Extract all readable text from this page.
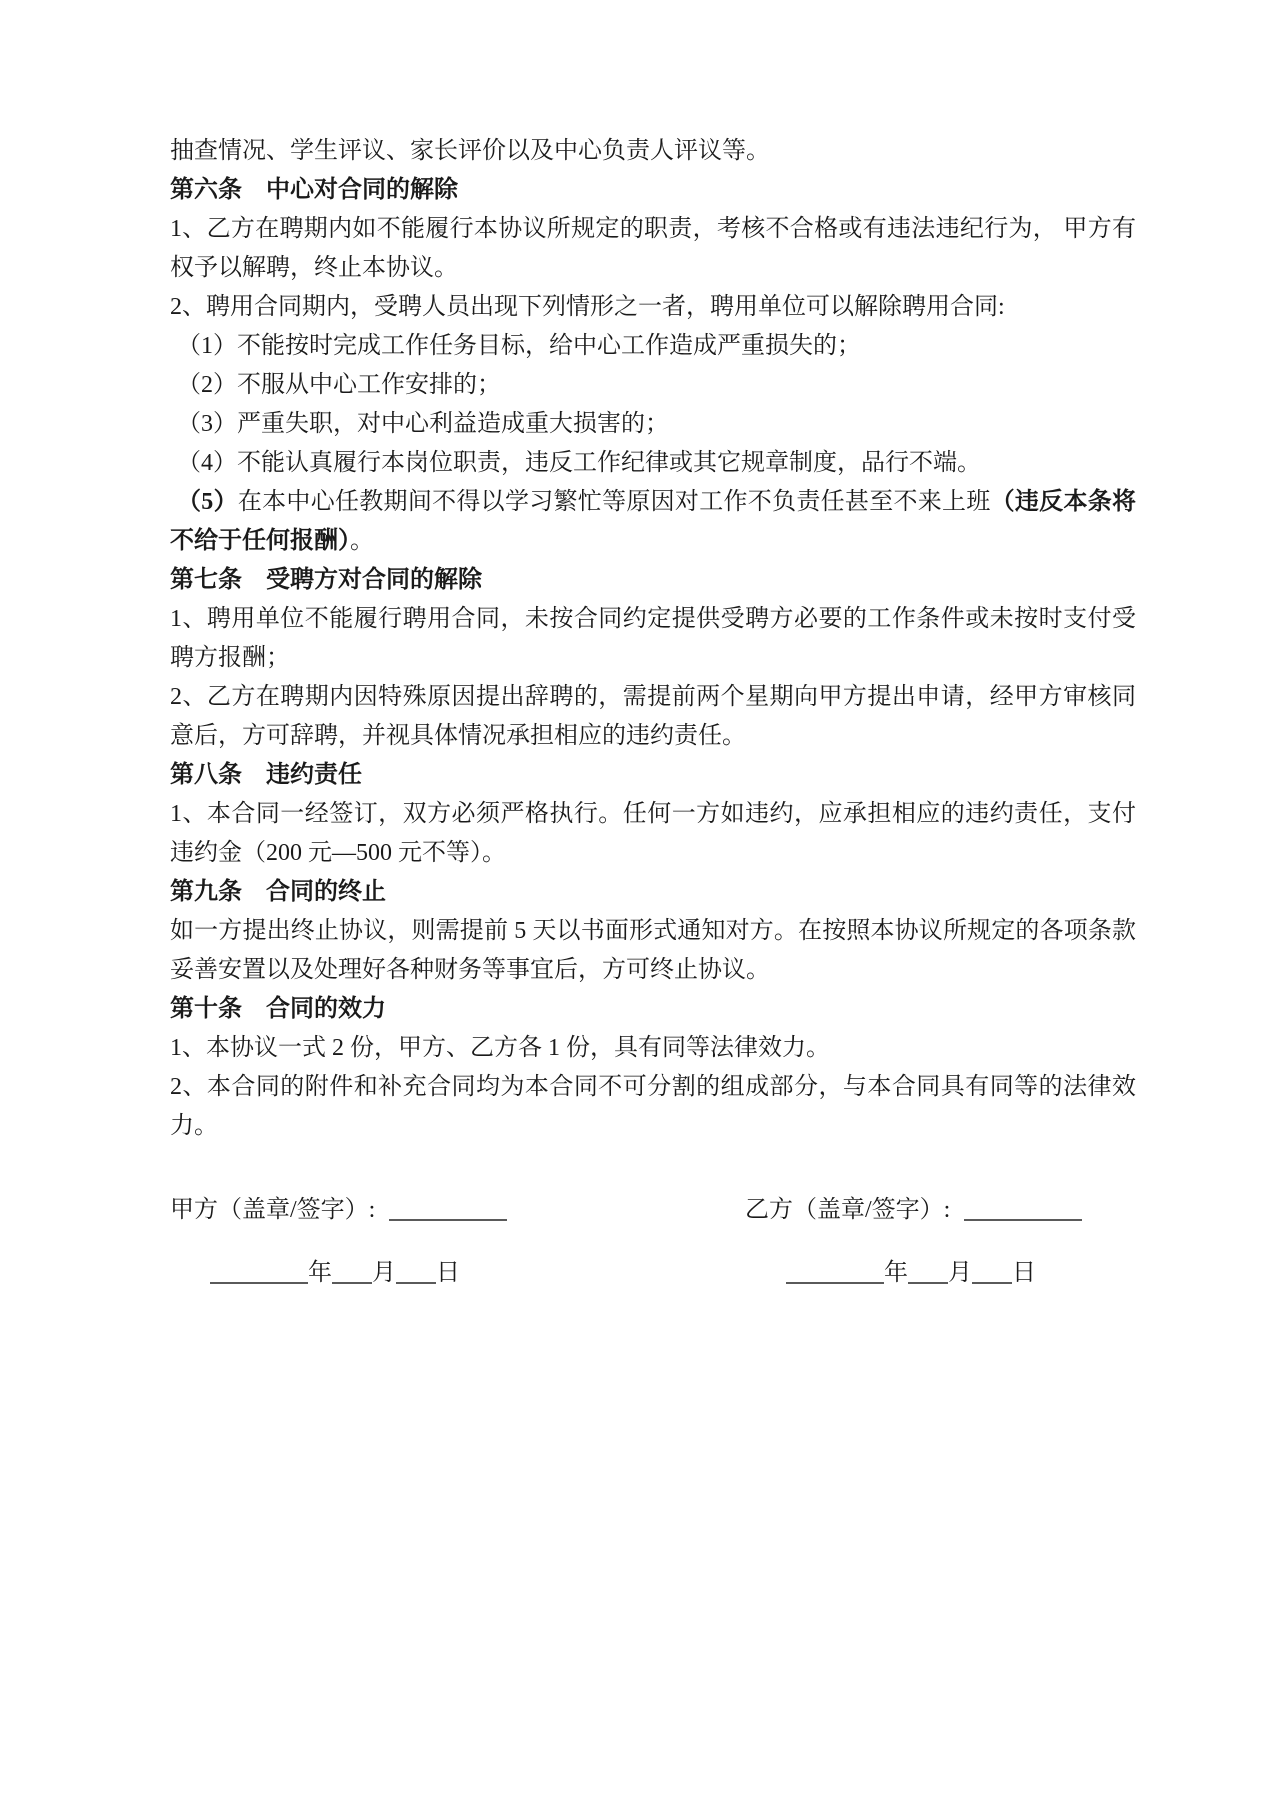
抽查情况、学生评议、家长评价以及中心负责人评议等。

第六条　中心对合同的解除

1、乙方在聘期内如不能履行本协议所规定的职责，考核不合格或有违法违纪行为， 甲方有权予以解聘，终止本协议。

2、聘用合同期内，受聘人员出现下列情形之一者，聘用单位可以解除聘用合同:

（1）不能按时完成工作任务目标，给中心工作造成严重损失的；

（2）不服从中心工作安排的；

（3）严重失职，对中心利益造成重大损害的；

（4）不能认真履行本岗位职责，违反工作纪律或其它规章制度，品行不端。

（5）在本中心任教期间不得以学习繁忙等原因对工作不负责任甚至不来上班（违反本条将不给于任何报酬）。

第七条　受聘方对合同的解除

1、聘用单位不能履行聘用合同，未按合同约定提供受聘方必要的工作条件或未按时支付受聘方报酬；

2、乙方在聘期内因特殊原因提出辞聘的，需提前两个星期向甲方提出申请，经甲方审核同意后，方可辞聘，并视具体情况承担相应的违约责任。

第八条　违约责任

1、本合同一经签订，双方必须严格执行。任何一方如违约，应承担相应的违约责任，支付违约金（200 元—500 元不等）。

第九条　合同的终止

如一方提出终止协议，则需提前 5 天以书面形式通知对方。在按照本协议所规定的各项条款妥善安置以及处理好各种财务等事宜后，方可终止协议。

第十条　合同的效力

1、本协议一式 2 份，甲方、乙方各 1 份，具有同等法律效力。

2、本合同的附件和补充合同均为本合同不可分割的组成部分，与本合同具有同等的法律效力。

甲方（盖章/签字）:	乙方（盖章/签字）:
年 月 日	年 月 日
